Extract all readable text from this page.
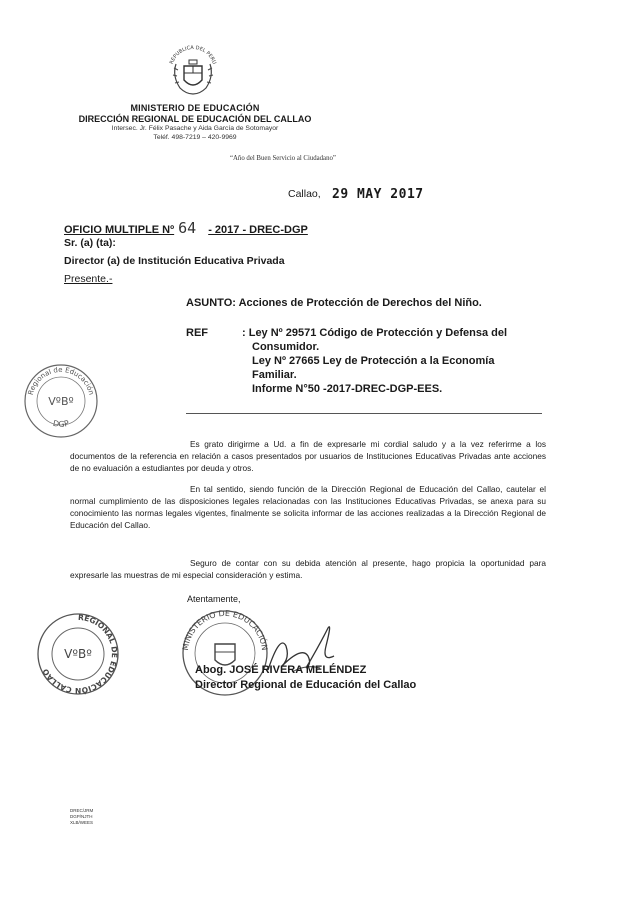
REPUBLICA DEL PERU
MINISTERIO DE EDUCACIÓN
DIRECCIÓN REGIONAL DE EDUCACIÓN DEL CALLAO
Intersec. Jr. Félix Pasache y Aida García de Sotomayor
Teléf. 498-7219 – 420-9969
“Año del Buen Servicio al Ciudadano”
Callao, 29 MAY 2017
OFICIO MULTIPLE Nº 64 - 2017 - DREC-DGP
Sr. (a) (ta):
Director (a) de Institución Educativa Privada
Presente.-
ASUNTO: Acciones de Protección de Derechos del Niño.
REF	: Ley Nº 29571 Código de Protección y Defensa del
Consumidor.
Ley Nº 27665 Ley de Protección a la Economía
Familiar.
Informe N°50 -2017-DREC-DGP-EES.
Regional de Educación
DGP
VºBº
Es grato dirigirme a Ud. a fin de expresarle mi cordial saludo y a la vez referirme a los documentos de la referencia en relación a casos presentados por usuarios de Instituciones Educativas Privadas ante acciones de no evaluación a estudiantes por deuda y otros.
En tal sentido, siendo función de la Dirección Regional de Educación del Callao, cautelar el normal cumplimiento de las disposiciones legales relacionadas con las Instituciones Educativas Privadas, se anexa para su conocimiento las normas legales vigentes, finalmente se solicita informar de las acciones realizadas a la Dirección Regional de Educación del Callao.
Seguro de contar con su debida atención al presente, hago propicia la oportunidad para expresarle las muestras de mi especial consideración y estima.
Atentamente,
REGIONAL DE EDUCACIÓN CALLAO
VºBº
MINISTERIO DE EDUCACIÓN
Abog. JOSÉ RIVERA MELÉNDEZ
Director Regional de Educación del Callao
DREC/JRM
DGP/NJTH
XLB/WEES
